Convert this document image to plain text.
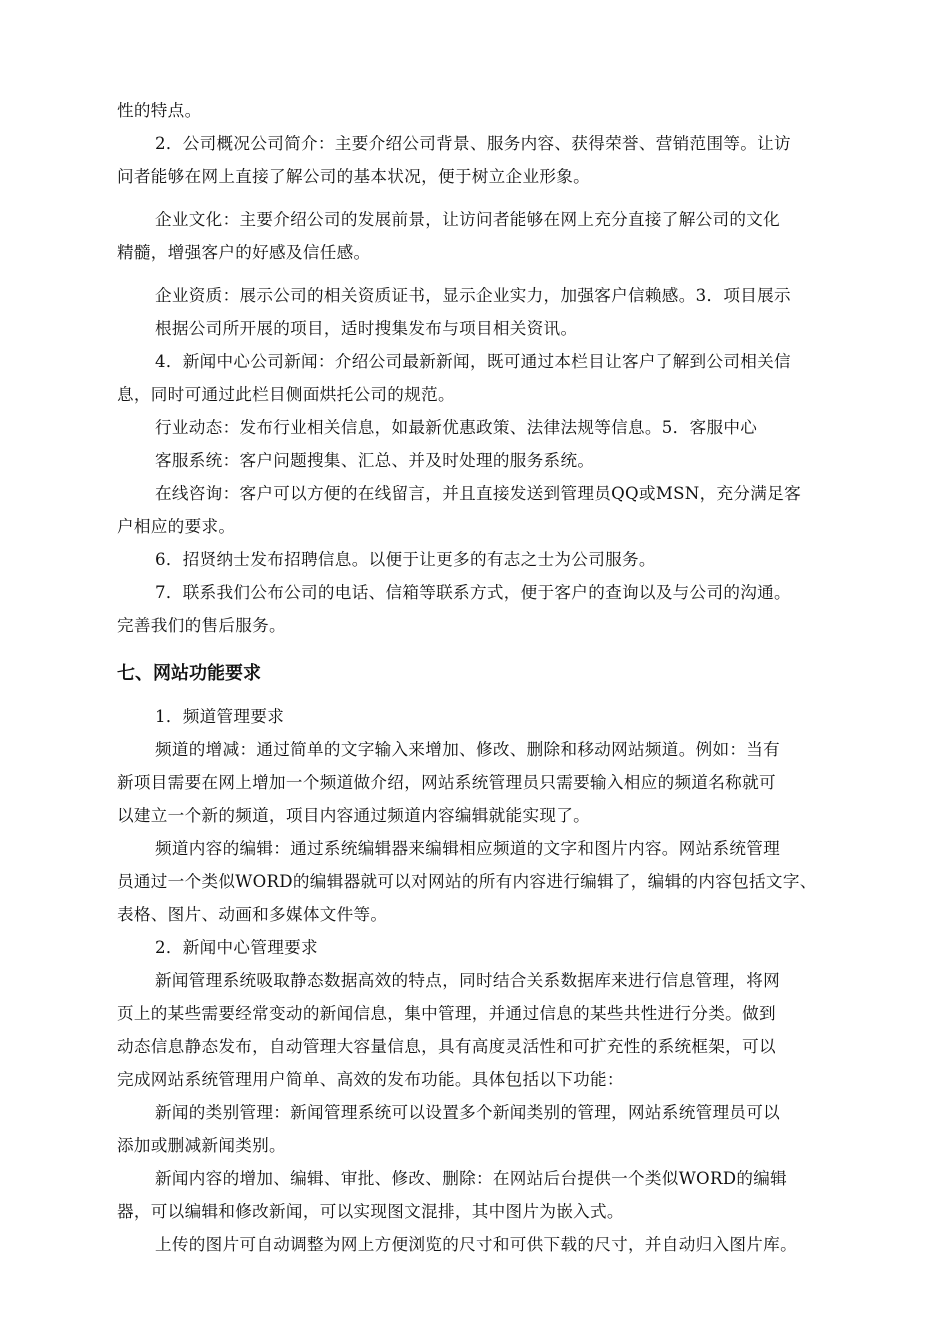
性的特点。
2．公司概况公司简介：主要介绍公司背景、服务内容、获得荣誉、营销范围等。让访
问者能够在网上直接了解公司的基本状况，便于树立企业形象。
企业文化：主要介绍公司的发展前景，让访问者能够在网上充分直接了解公司的文化
精髓，增强客户的好感及信任感。
企业资质：展示公司的相关资质证书，显示企业实力，加强客户信赖感。3．项目展示
根据公司所开展的项目，适时搜集发布与项目相关资讯。
4．新闻中心公司新闻：介绍公司最新新闻，既可通过本栏目让客户了解到公司相关信
息，同时可通过此栏目侧面烘托公司的规范。
行业动态：发布行业相关信息，如最新优惠政策、法律法规等信息。5．客服中心
客服系统：客户问题搜集、汇总、并及时处理的服务系统。
在线咨询：客户可以方便的在线留言，并且直接发送到管理员QQ或MSN，充分满足客
户相应的要求。
6．招贤纳士发布招聘信息。以便于让更多的有志之士为公司服务。
7．联系我们公布公司的电话、信箱等联系方式，便于客户的查询以及与公司的沟通。
完善我们的售后服务。
七、网站功能要求
1．频道管理要求
频道的增减：通过简单的文字输入来增加、修改、删除和移动网站频道。例如：当有
新项目需要在网上增加一个频道做介绍，网站系统管理员只需要输入相应的频道名称就可
以建立一个新的频道，项目内容通过频道内容编辑就能实现了。
频道内容的编辑：通过系统编辑器来编辑相应频道的文字和图片内容。网站系统管理
员通过一个类似WORD的编辑器就可以对网站的所有内容进行编辑了，编辑的内容包括文字、
表格、图片、动画和多媒体文件等。
2．新闻中心管理要求
新闻管理系统吸取静态数据高效的特点，同时结合关系数据库来进行信息管理，将网
页上的某些需要经常变动的新闻信息，集中管理，并通过信息的某些共性进行分类。做到
动态信息静态发布，自动管理大容量信息，具有高度灵活性和可扩充性的系统框架，可以
完成网站系统管理用户简单、高效的发布功能。具体包括以下功能：
新闻的类别管理：新闻管理系统可以设置多个新闻类别的管理，网站系统管理员可以
添加或删减新闻类别。
新闻内容的增加、编辑、审批、修改、删除：在网站后台提供一个类似WORD的编辑
器，可以编辑和修改新闻，可以实现图文混排，其中图片为嵌入式。
上传的图片可自动调整为网上方便浏览的尺寸和可供下载的尺寸，并自动归入图片库。
